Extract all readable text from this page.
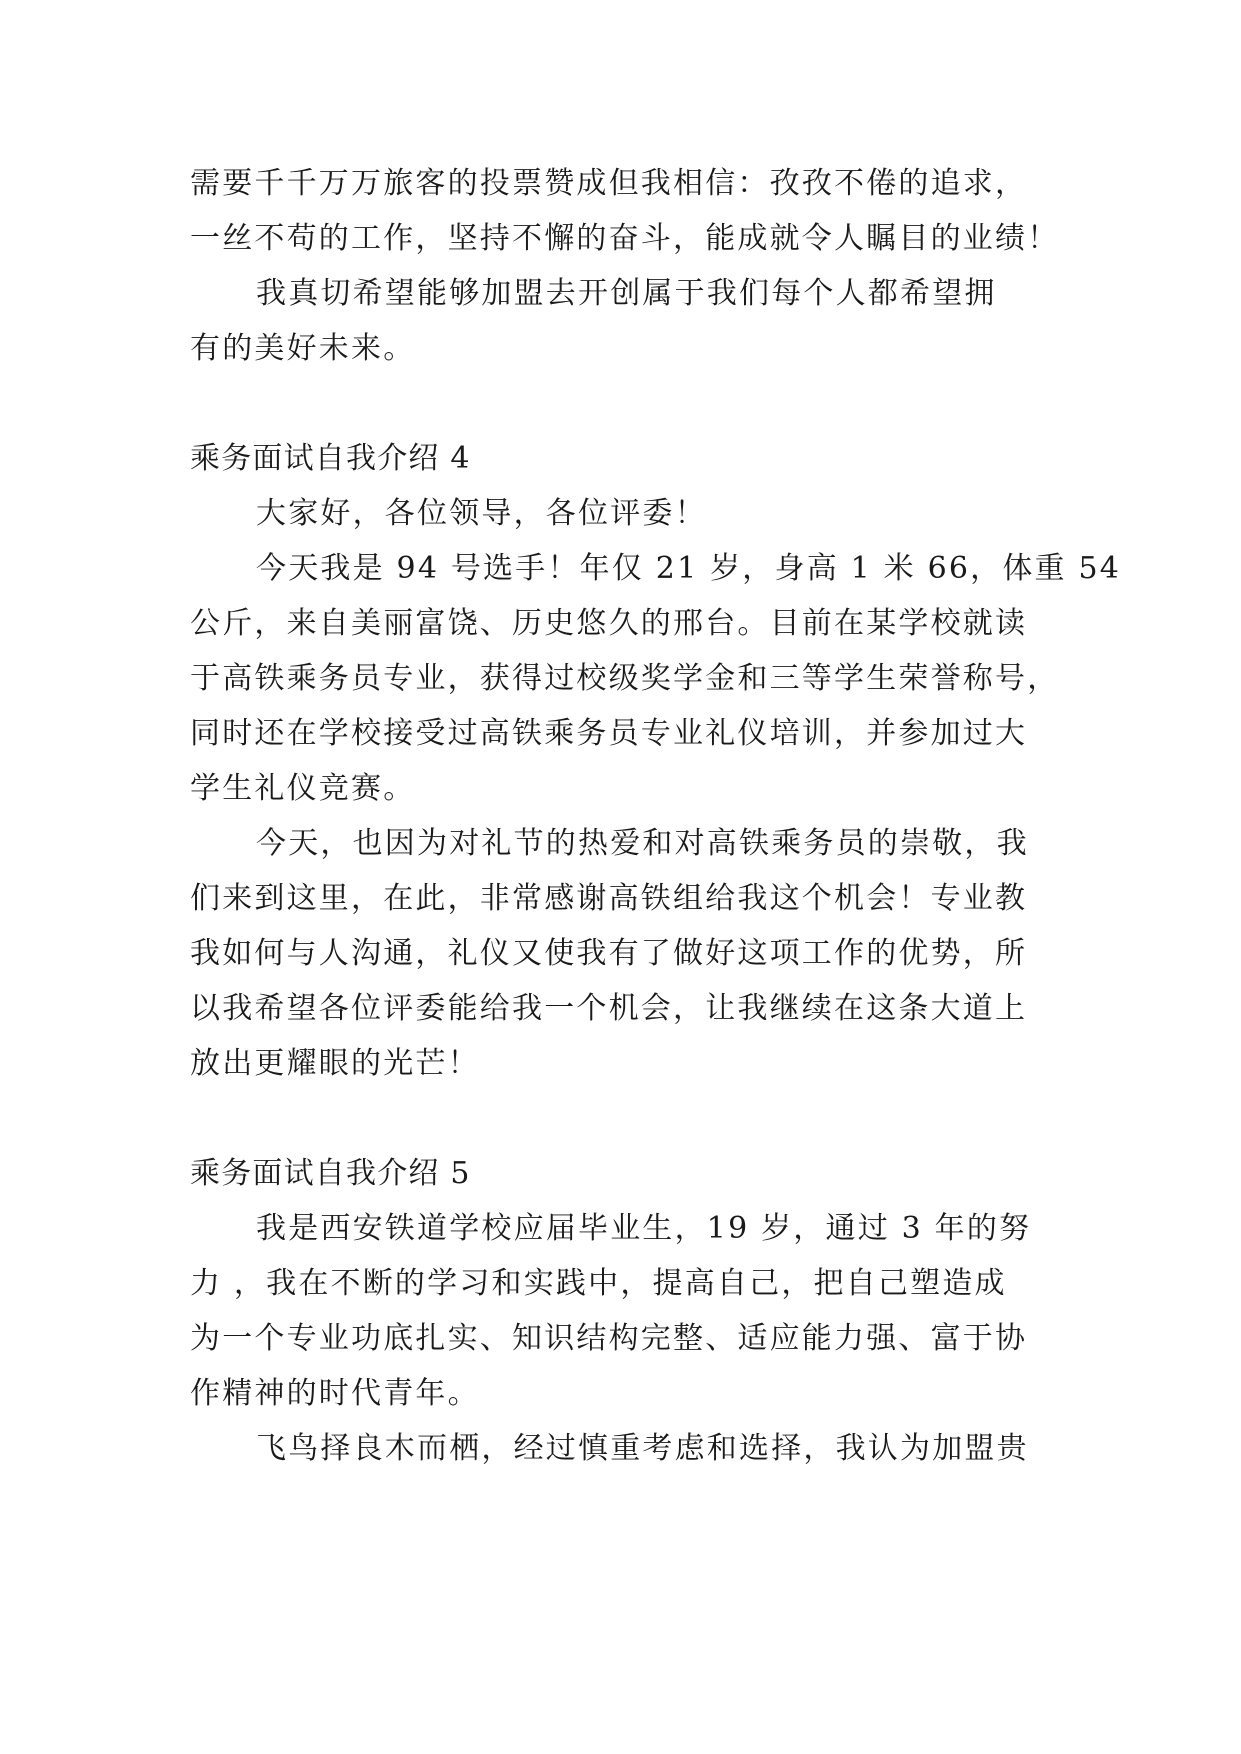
需要千千万万旅客的投票赞成但我相信：孜孜不倦的追求，
一丝不苟的工作，坚持不懈的奋斗，能成就令人瞩目的业绩！
我真切希望能够加盟去开创属于我们每个人都希望拥
有的美好未来。
乘务面试自我介绍 4
大家好，各位领导，各位评委！
今天我是 94 号选手！年仅 21 岁，身高 1 米 66，体重 54
公斤，来自美丽富饶、历史悠久的邢台。目前在某学校就读
于高铁乘务员专业，获得过校级奖学金和三等学生荣誉称号，
同时还在学校接受过高铁乘务员专业礼仪培训，并参加过大
学生礼仪竞赛。
今天，也因为对礼节的热爱和对高铁乘务员的崇敬，我
们来到这里，在此，非常感谢高铁组给我这个机会！专业教
我如何与人沟通，礼仪又使我有了做好这项工作的优势，所
以我希望各位评委能给我一个机会，让我继续在这条大道上
放出更耀眼的光芒！
乘务面试自我介绍 5
我是西安铁道学校应届毕业生，19 岁，通过 3 年的努
力 ，我在不断的学习和实践中，提高自己，把自己塑造成
为一个专业功底扎实、知识结构完整、适应能力强、富于协
作精神的时代青年。
飞鸟择良木而栖，经过慎重考虑和选择，我认为加盟贵
